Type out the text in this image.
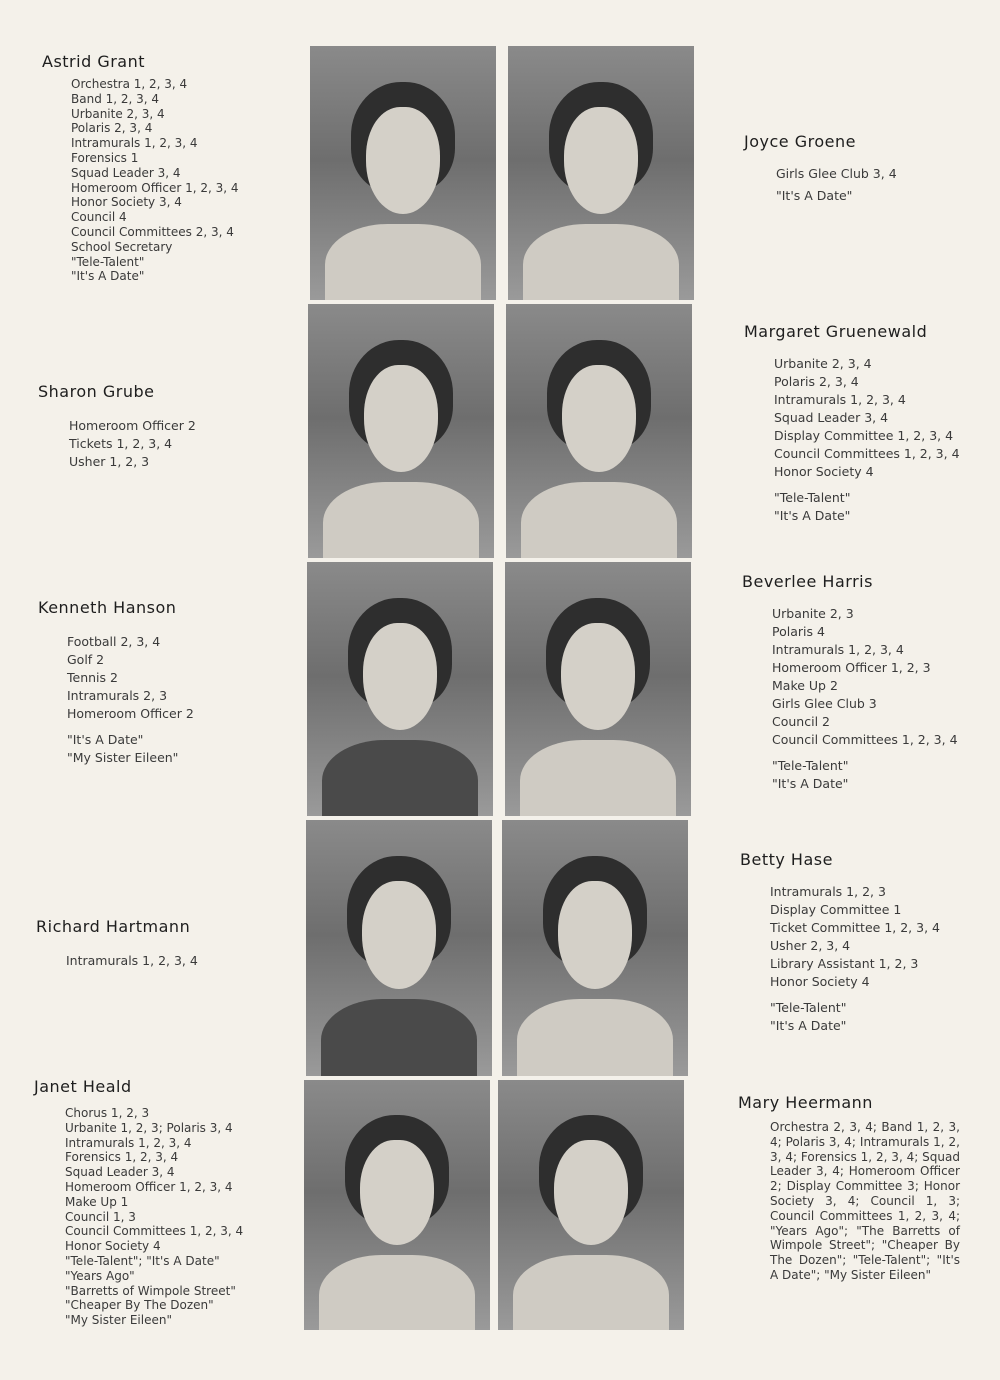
Astrid Grant
Orchestra 1, 2, 3, 4
Band 1, 2, 3, 4
Urbanite 2, 3, 4
Polaris 2, 3, 4
Intramurals 1, 2, 3, 4
Forensics 1
Squad Leader 3, 4
Homeroom Officer 1, 2, 3, 4
Honor Society 3, 4
Council 4
Council Committees 2, 3, 4
School Secretary
"Tele-Talent"
"It's A Date"
Joyce Groene
Girls Glee Club 3, 4
"It's A Date"
Sharon Grube
Homeroom Officer 2
Tickets 1, 2, 3, 4
Usher 1, 2, 3
Margaret Gruenewald
Urbanite 2, 3, 4
Polaris 2, 3, 4
Intramurals 1, 2, 3, 4
Squad Leader 3, 4
Display Committee 1, 2, 3, 4
Council Committees 1, 2, 3, 4
Honor Society 4
"Tele-Talent"
"It's A Date"
Kenneth Hanson
Football 2, 3, 4
Golf 2
Tennis 2
Intramurals 2, 3
Homeroom Officer 2
"It's A Date"
"My Sister Eileen"
Beverlee Harris
Urbanite 2, 3
Polaris 4
Intramurals 1, 2, 3, 4
Homeroom Officer 1, 2, 3
Make Up 2
Girls Glee Club 3
Council 2
Council Committees 1, 2, 3, 4
"Tele-Talent"
"It's A Date"
Richard Hartmann
Intramurals 1, 2, 3, 4
Betty Hase
Intramurals 1, 2, 3
Display Committee 1
Ticket Committee 1, 2, 3, 4
Usher 2, 3, 4
Library Assistant 1, 2, 3
Honor Society 4
"Tele-Talent"
"It's A Date"
Janet Heald
Chorus 1, 2, 3
Urbanite 1, 2, 3; Polaris 3, 4
Intramurals 1, 2, 3, 4
Forensics 1, 2, 3, 4
Squad Leader 3, 4
Homeroom Officer 1, 2, 3, 4
Make Up 1
Council 1, 3
Council Committees 1, 2, 3, 4
Honor Society 4
"Tele-Talent"; "It's A Date"
"Years Ago"
"Barretts of Wimpole Street"
"Cheaper By The Dozen"
"My Sister Eileen"
Mary Heermann
Orchestra 2, 3, 4; Band 1, 2, 3, 4; Polaris 3, 4; Intramurals 1, 2, 3, 4; Forensics 1, 2, 3, 4; Squad Leader 3, 4; Homeroom Officer 2; Display Committee 3; Honor Society 3, 4; Council 1, 3; Council Committees 1, 2, 3, 4; "Years Ago"; "The Barretts of Wimpole Street"; "Cheaper By The Dozen"; "Tele-Talent"; "It's A Date"; "My Sister Eileen"
